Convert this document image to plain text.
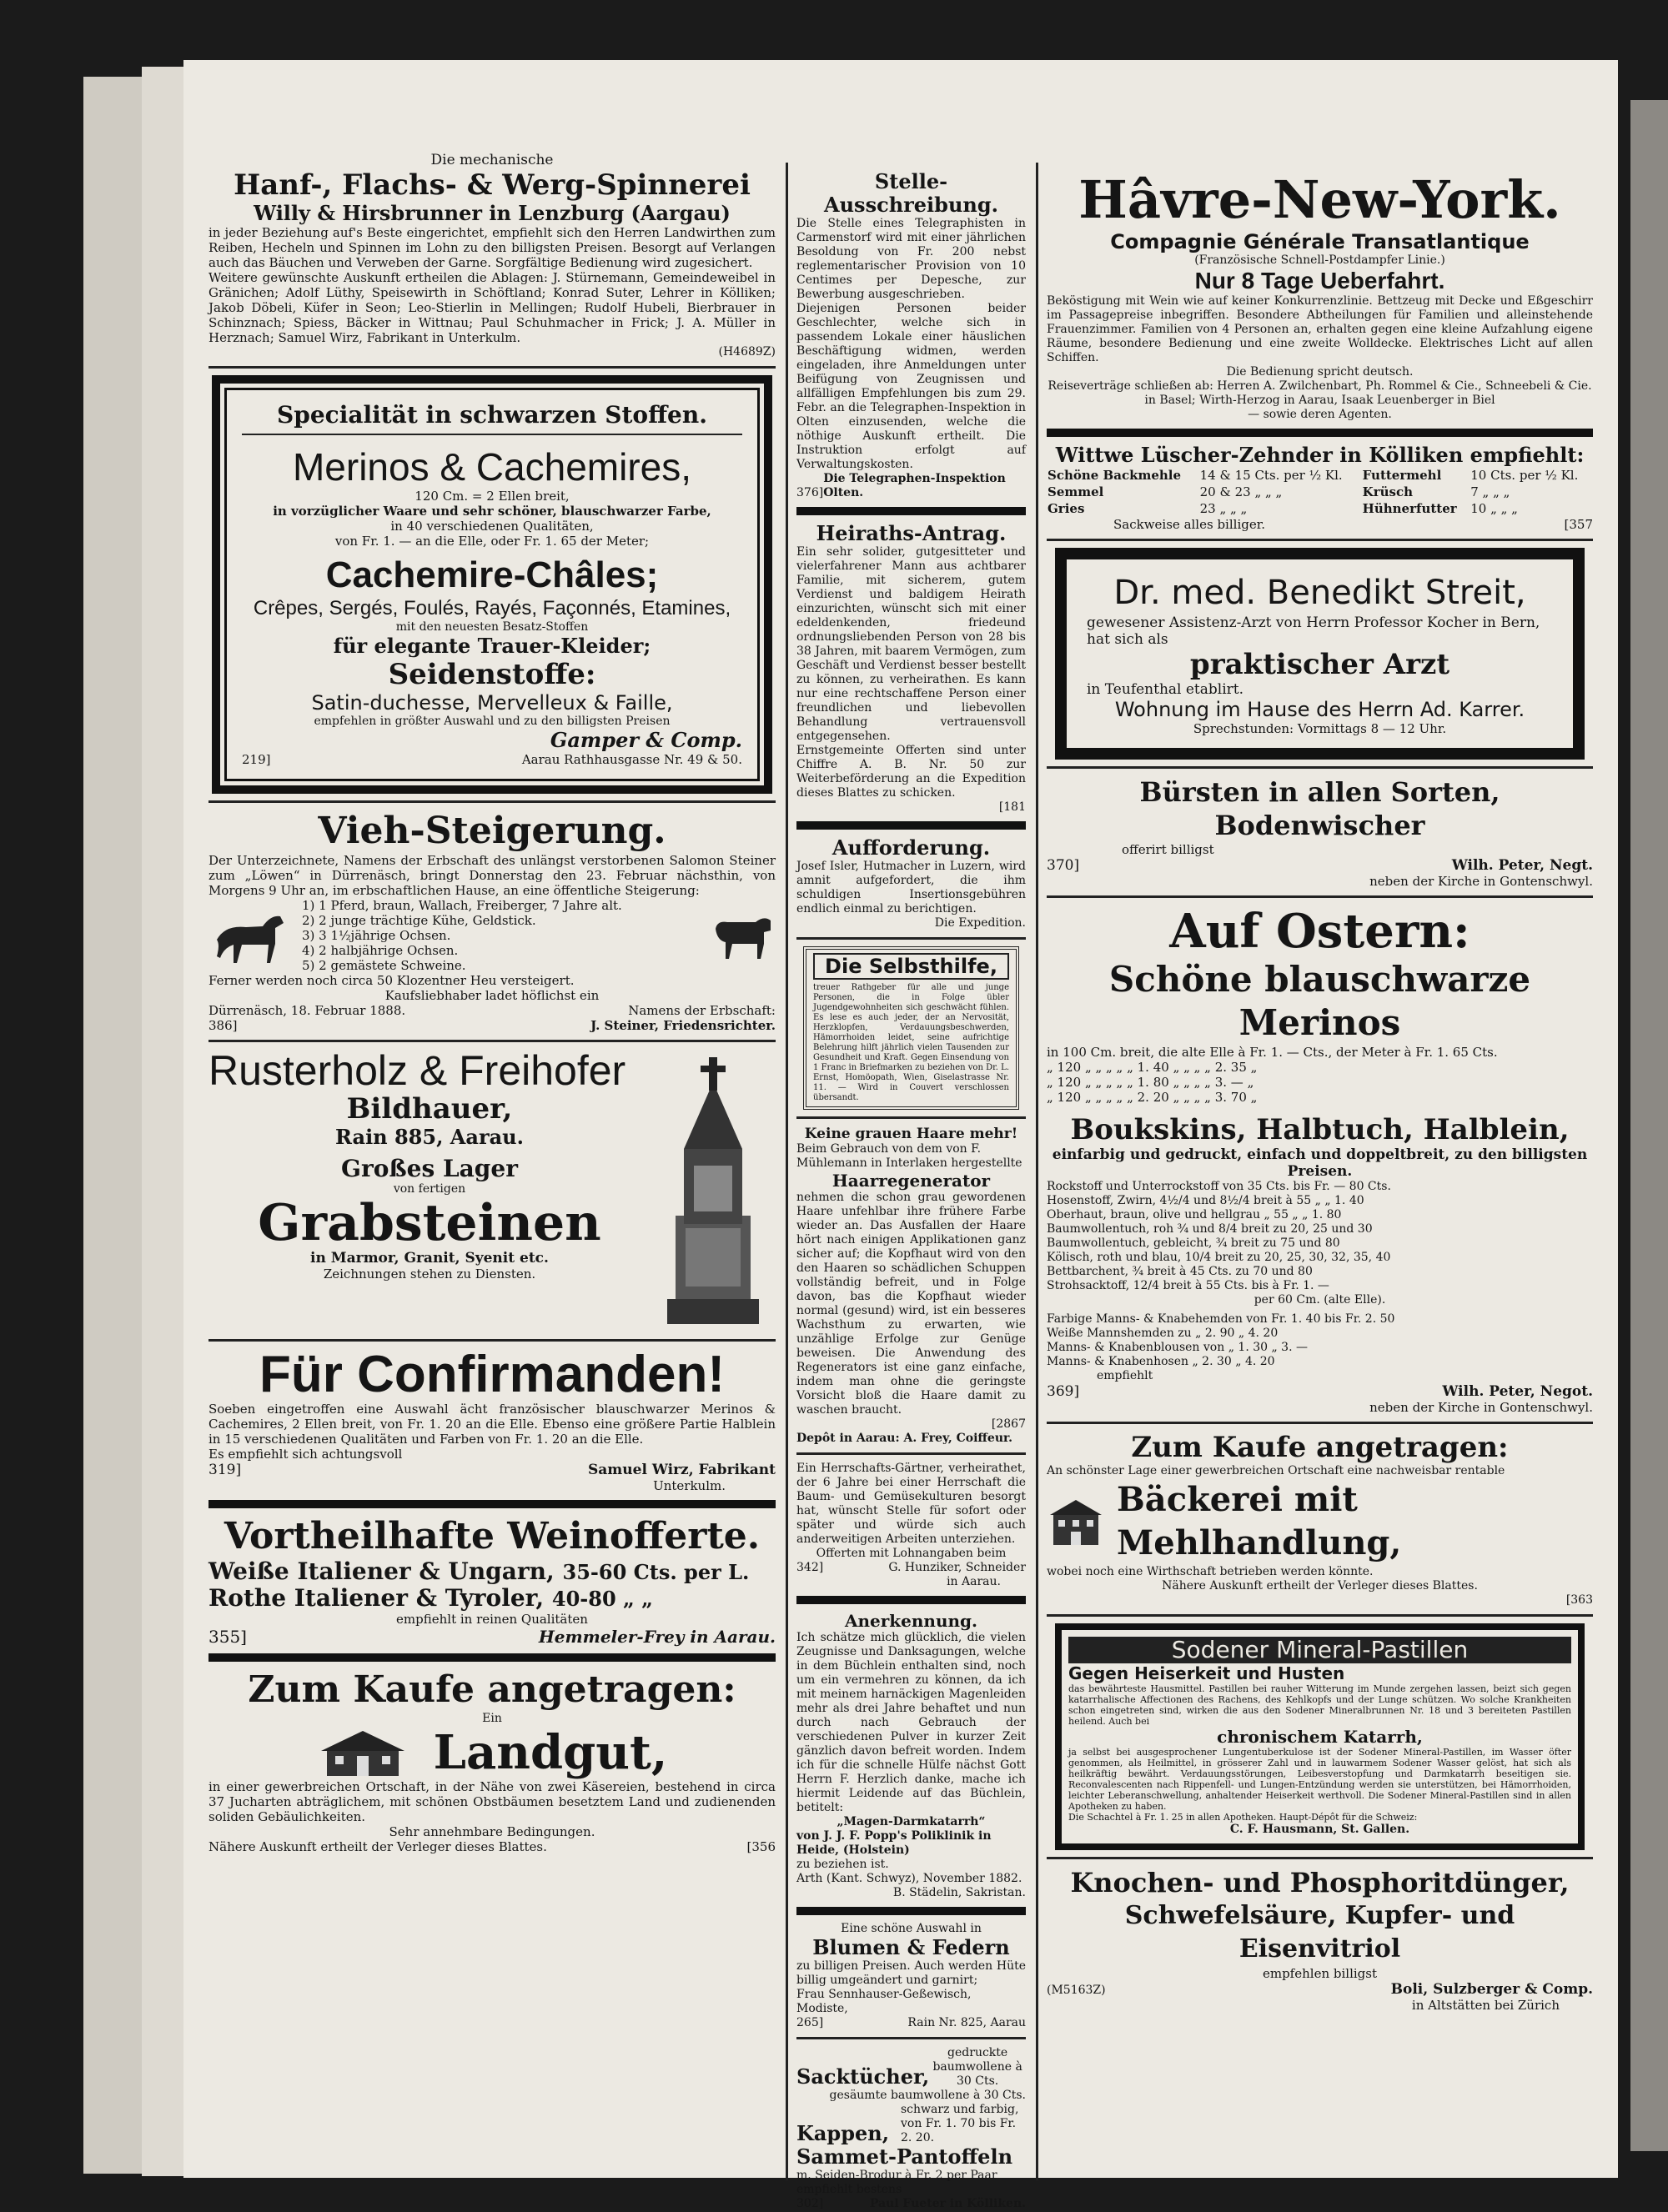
Die mechanische
Hanf-, Flachs- & Werg-Spinnerei
Willy & Hirsbrunner in Lenzburg (Aargau)
in jeder Beziehung auf's Beste eingerichtet, empfiehlt sich den Herren Landwirthen zum Reiben, Hecheln und Spinnen im Lohn zu den billigsten Preisen. Besorgt auf Verlangen auch das Bäuchen und Verweben der Garne. Sorgfältige Bedienung wird zugesichert.
Weitere gewünschte Auskunft ertheilen die Ablagen: J. Stürnemann, Gemeindeweibel in Gränichen; Adolf Lüthy, Speisewirth in Schöftland; Konrad Suter, Lehrer in Kölliken; Jakob Döbeli, Küfer in Seon; Leo-Stierlin in Mellingen; Rudolf Hubeli, Bierbrauer in Schinznach; Spiess, Bäcker in Wittnau; Paul Schuhmacher in Frick; J. A. Müller in Herznach; Samuel Wirz, Fabrikant in Unterkulm.
(H4689Z)
Specialität in schwarzen Stoffen.
Merinos & Cachemires,
120 Cm. = 2 Ellen breit,
in vorzüglicher Waare und sehr schöner, blauschwarzer Farbe,
in 40 verschiedenen Qualitäten,
von Fr. 1. — an die Elle, oder Fr. 1. 65 der Meter;
Cachemire-Châles;
Crêpes, Sergés, Foulés, Rayés, Façonnés, Etamines,
mit den neuesten Besatz-Stoffen
für elegante Trauer-Kleider;
Seidenstoffe:
Satin-duchesse, Mervelleux & Faille,
empfehlen in größter Auswahl und zu den billigsten Preisen
Gamper & Comp.
219]	Aarau Rathhausgasse Nr. 49 & 50.
Vieh-Steigerung.
Der Unterzeichnete, Namens der Erbschaft des unlängst verstorbenen Salomon Steiner zum „Löwen“ in Dürrenäsch, bringt Donnerstag den 23. Februar nächsthin, von Morgens 9 Uhr an, im erbschaftlichen Hause, an eine öffentliche Steigerung:
1) 1 Pferd, braun, Wallach, Freiberger, 7 Jahre alt.
2) 2 junge trächtige Kühe, Geldstick.
3) 3 1½jährige Ochsen.
4) 2 halbjährige Ochsen.
5) 2 gemästete Schweine.
Ferner werden noch circa 50 Klozentner Heu versteigert.
Kaufsliebhaber ladet höflichst ein
Dürrenäsch, 18. Februar 1888.	Namens der Erbschaft:
386]	J. Steiner, Friedensrichter.
Rusterholz & Freihofer
Bildhauer,
Rain 885, Aarau.
Großes Lager
von fertigen
Grabsteinen
in Marmor, Granit, Syenit etc.
Zeichnungen stehen zu Diensten.
Für Confirmanden!
Soeben eingetroffen eine Auswahl ächt französischer blauschwarzer Merinos & Cachemires, 2 Ellen breit, von Fr. 1. 20 an die Elle. Ebenso eine größere Partie Halblein in 15 verschiedenen Qualitäten und Farben von Fr. 1. 20 an die Elle.
Es empfiehlt sich achtungsvoll
319]	Samuel Wirz, Fabrikant
Unterkulm.
Vortheilhafte Weinofferte.
Weiße Italiener & Ungarn, 35-60 Cts. per L.
Rothe Italiener & Tyroler, 40-80 „ „
empfiehlt in reinen Qualitäten
355]	Hemmeler-Frey in Aarau.
Zum Kaufe angetragen:
Ein
Landgut,
in einer gewerbreichen Ortschaft, in der Nähe von zwei Käsereien, bestehend in circa 37 Jucharten abträglichem, mit schönen Obstbäumen besetztem Land und zudienenden soliden Gebäulichkeiten.
Sehr annehmbare Bedingungen.
Nähere Auskunft ertheilt der Verleger dieses Blattes.	[356
Stelle-Ausschreibung.
Die Stelle eines Telegraphisten in Carmenstorf wird mit einer jährlichen Besoldung von Fr. 200 nebst reglementarischer Provision von 10 Centimes per Depesche, zur Bewerbung ausgeschrieben.
Diejenigen Personen beider Geschlechter, welche sich in passendem Lokale einer häuslichen Beschäftigung widmen, werden eingeladen, ihre Anmeldungen unter Beifügung von Zeugnissen und allfälligen Empfehlungen bis zum 29. Febr. an die Telegraphen-Inspektion in Olten einzusenden, welche die nöthige Auskunft ertheilt. Die Instruktion erfolgt auf Verwaltungskosten.
376]
Die Telegraphen-Inspektion Olten.
Heiraths-Antrag.
Ein sehr solider, gutgesitteter und vielerfahrener Mann aus achtbarer Familie, mit sicherem, gutem Verdienst und baldigem Heirath einzurichten, wünscht sich mit einer edeldenkenden, friedeund ordnungsliebenden Person von 28 bis 38 Jahren, mit baarem Vermögen, zum Geschäft und Verdienst besser bestellt zu können, zu verheirathen. Es kann nur eine rechtschaffene Person einer freundlichen und liebevollen Behandlung vertrauensvoll entgegensehen.
Ernstgemeinte Offerten sind unter Chiffre A. B. Nr. 50 zur Weiterbeförderung an die Expedition dieses Blattes zu schicken.
[181
Aufforderung.
Josef Isler, Hutmacher in Luzern, wird amnit aufgefordert, die ihm schuldigen Insertionsgebühren endlich einmal zu berichtigen.
Die Expedition.
Die Selbsthilfe,
treuer Rathgeber für alle und junge Personen, die in Folge übler Jugendgewohnheiten sich geschwächt fühlen. Es lese es auch jeder, der an Nervosität, Herzklopfen, Verdauungsbeschwerden, Hämorrhoiden leidet, seine aufrichtige Belehrung hilft jährlich vielen Tausenden zur Gesundheit und Kraft. Gegen Einsendung von 1 Franc in Briefmarken zu beziehen von Dr. L. Ernst, Homöopath, Wien, Giselastrasse Nr. 11. — Wird in Couvert verschlossen übersandt.
Keine grauen Haare mehr!
Beim Gebrauch von dem von F. Mühlemann in Interlaken hergestellte
Haarregenerator
nehmen die schon grau gewordenen Haare unfehlbar ihre frühere Farbe wieder an. Das Ausfallen der Haare hört nach einigen Applikationen ganz sicher auf; die Kopfhaut wird von den den Haaren so schädlichen Schuppen vollständig befreit, und in Folge davon, bas die Kopfhaut wieder normal (gesund) wird, ist ein besseres Wachsthum zu erwarten, wie unzählige Erfolge zur Genüge beweisen. Die Anwendung des Regenerators ist eine ganz einfache, indem man ohne die geringste Vorsicht bloß die Haare damit zu waschen braucht.
[2867
Depôt in Aarau: A. Frey, Coiffeur.
Ein Herrschafts-Gärtner, verheirathet, der 6 Jahre bei einer Herrschaft die Baum- und Gemüsekulturen besorgt hat, wünscht Stelle für sofort oder später und würde sich auch anderweitigen Arbeiten unterziehen.
Offerten mit Lohnangaben beim
342]	G. Hunziker, Schneider
in Aarau.
Anerkennung.
Ich schätze mich glücklich, die vielen Zeugnisse und Danksagungen, welche in dem Büchlein enthalten sind, noch um ein vermehren zu können, da ich mit meinem harnäckigen Magenleiden mehr als drei Jahre behaftet und nun durch nach Gebrauch der verschiedenen Pulver in kurzer Zeit gänzlich davon befreit worden. Indem ich für die schnelle Hülfe nächst Gott Herrn F. Herzlich danke, mache ich hiermit Leidende auf das Büchlein, betitelt:
„Magen-Darmkatarrh“
von J. J. F. Popp's Poliklinik in Heide, (Holstein)
zu beziehen ist.
Arth (Kant. Schwyz), November 1882.
B. Städelin, Sakristan.
Eine schöne Auswahl in
Blumen & Federn
zu billigen Preisen. Auch werden Hüte billig umgeändert und garnirt;
Frau Sennhauser-Geßewisch, Modiste,
265]	Rain Nr. 825, Aarau
Sacktücher,
gedruckte baumwollene à 30 Cts.
gesäumte baumwollene à 30 Cts.
Kappen,
schwarz und farbig, von Fr. 1. 70 bis Fr. 2. 20.
Sammet-Pantoffeln
m. Seiden-Brodur à Fr. 2 per Paar empfiehlt bestens
302]	Paul Fueter in Kölliken.
Hâvre-New-York.
Compagnie Générale Transatlantique
(Französische Schnell-Postdampfer Linie.)
Nur 8 Tage Ueberfahrt.
Beköstigung mit Wein wie auf keiner Konkurrenzlinie. Bettzeug mit Decke und Eßgeschirr im Passagepreise inbegriffen. Besondere Abtheilungen für Familien und alleinstehende Frauenzimmer. Familien von 4 Personen an, erhalten gegen eine kleine Aufzahlung eigene Räume, besondere Bedienung und eine zweite Wolldecke. Elektrisches Licht auf allen Schiffen.
Die Bedienung spricht deutsch.
Reiseverträge schließen ab: Herren A. Zwilchenbart, Ph. Rommel & Cie., Schneebeli & Cie. in Basel; Wirth-Herzog in Aarau, Isaak Leuenberger in Biel
— sowie deren Agenten.
Wittwe Lüscher-Zehnder in Kölliken empfiehlt:
Schöne Backmehle	14 & 15 Cts. per ½ Kl.	Futtermehl	10 Cts. per ½ Kl.
Semmel	20 & 23 „ „ „	Krüsch	7 „ „ „
Gries	23 „ „ „	Hühnerfutter	10 „ „ „
Sackweise alles billiger.	[357
Dr. med. Benedikt Streit,
gewesener Assistenz-Arzt von Herrn Professor Kocher in Bern, hat sich als
praktischer Arzt
in Teufenthal etablirt.
Wohnung im Hause des Herrn Ad. Karrer.
Sprechstunden: Vormittags 8 — 12 Uhr.
Bürsten in allen Sorten, Bodenwischer
offerirt billigst
370]	Wilh. Peter, Negt.
neben der Kirche in Gontenschwyl.
Auf Ostern:
Schöne blauschwarze Merinos
in 100 Cm. breit, die alte Elle à Fr. 1. — Cts., der Meter à Fr. 1. 65 Cts.
„ 120 „ „ „ „ „ 1. 40 „ „ „ „ 2. 35 „
„ 120 „ „ „ „ „ 1. 80 „ „ „ „ 3. — „
„ 120 „ „ „ „ „ 2. 20 „ „ „ „ 3. 70 „
Boukskins, Halbtuch, Halblein,
einfarbig und gedruckt, einfach und doppeltbreit, zu den billigsten Preisen.
Rockstoff und Unterrockstoff von 35 Cts. bis Fr. — 80 Cts.
Hosenstoff, Zwirn, 4½/4 und 8½/4 breit à 55 „ „ 1. 40
Oberhaut, braun, olive und hellgrau „ 55 „ „ 1. 80
Baumwollentuch, roh ¾ und 8/4 breit zu 20, 25 und 30
Baumwollentuch, gebleicht, ¾ breit zu 75 und 80
Kölisch, roth und blau, 10/4 breit zu 20, 25, 30, 32, 35, 40
Bettbarchent, ¾ breit à 45 Cts. zu 70 und 80
Strohsacktoff, 12/4 breit à 55 Cts. bis à Fr. 1. —
per 60 Cm. (alte Elle).
Farbige Manns- & Knabehemden von Fr. 1. 40 bis Fr. 2. 50
Weiße Mannshemden zu „ 2. 90 „ 4. 20
Manns- & Knabenblousen von „ 1. 30 „ 3. —
Manns- & Knabenhosen „ 2. 30 „ 4. 20
empfiehlt
369]	Wilh. Peter, Negot.
neben der Kirche in Gontenschwyl.
Zum Kaufe angetragen:
An schönster Lage einer gewerbreichen Ortschaft eine nachweisbar rentable
Bäckerei mit Mehlhandlung,
wobei noch eine Wirthschaft betrieben werden könnte.
Nähere Auskunft ertheilt der Verleger dieses Blattes.
[363
Sodener Mineral-Pastillen
Gegen Heiserkeit und Husten
das bewährteste Hausmittel. Pastillen bei rauher Witterung im Munde zergehen lassen, beizt sich gegen katarrhalische Affectionen des Rachens, des Kehlkopfs und der Lunge schützen. Wo solche Krankheiten schon eingetreten sind, wirken die aus den Sodener Mineralbrunnen Nr. 18 und 3 bereiteten Pastillen heilend. Auch bei
chronischem Katarrh,
ja selbst bei ausgesprochener Lungentuberkulose ist der Sodener Mineral-Pastillen, im Wasser öfter genommen, als Heilmittel, in grösserer Zahl und in lauwarmem Sodener Wasser gelöst, hat sich als heilkräftig bewährt. Verdauungsstörungen, Leibesverstopfung und Darmkatarrh beseitigen sie. Reconvalescenten nach Rippenfell- und Lungen-Entzündung werden sie unterstützen, bei Hämorrhoiden, leichter Leberanschwellung, anhaltender Heiserkeit werthvoll. Die Sodener Mineral-Pastillen sind in allen Apotheken zu haben.
Die Schachtel à Fr. 1. 25 in allen Apotheken. Haupt-Dépôt für die Schweiz:
C. F. Hausmann, St. Gallen.
Knochen- und Phosphoritdünger,
Schwefelsäure, Kupfer- und Eisenvitriol
empfehlen billigst
(M5163Z)	Boli, Sulzberger & Comp.
in Altstätten bei Zürich
